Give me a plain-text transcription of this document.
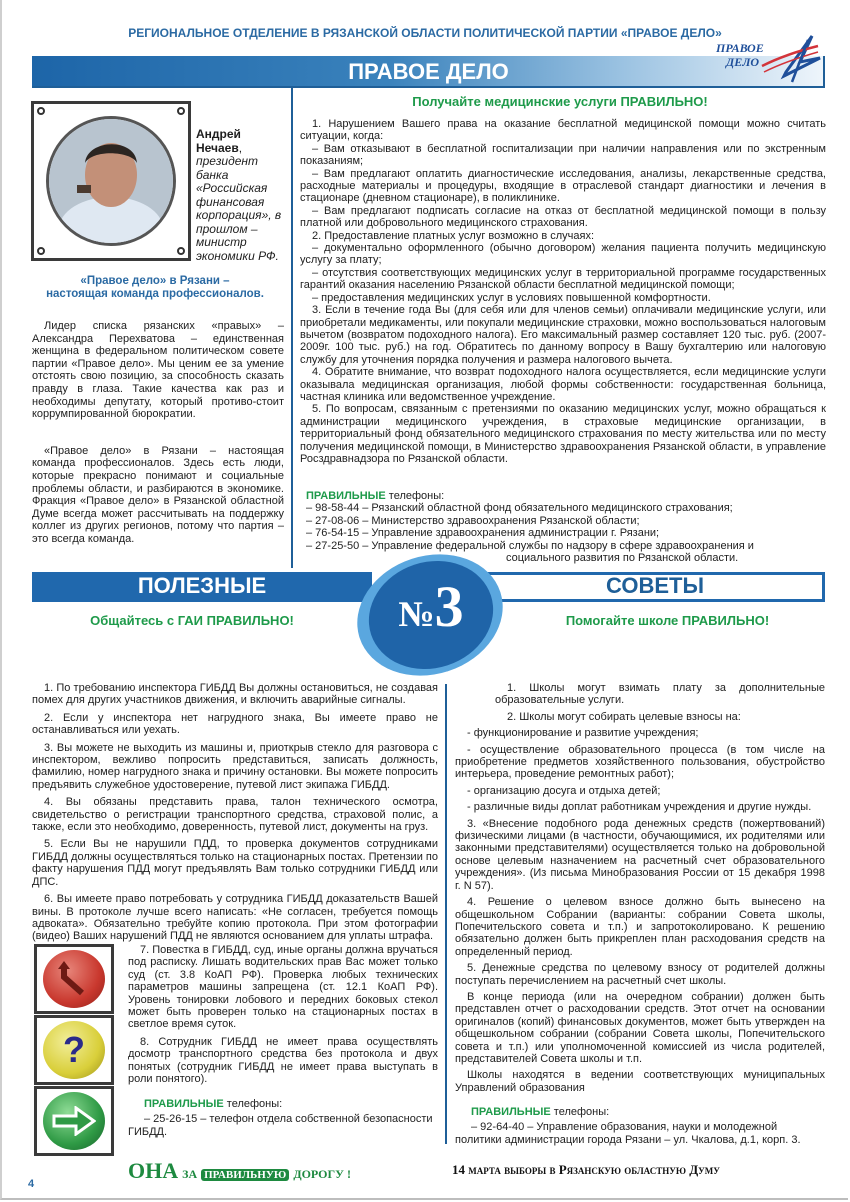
РЕГИОНАЛЬНОЕ ОТДЕЛЕНИЕ В РЯЗАНСКОЙ ОБЛАСТИ ПОЛИТИЧЕСКОЙ ПАРТИИ «ПРАВОЕ ДЕЛО»
ПРАВОЕ ДЕЛО
ПРАВОЕ
ДЕЛО
Андрей Нечаев,
президент банка «Российская финансовая корпорация», в прошлом – министр экономики РФ.
«Правое дело» в Рязани –
настоящая команда профессионалов.

Лидер списка рязанских «правых» – Александра Перехватова – единственная женщина в федеральном политическом совете партии «Правое дело». Мы ценим ее за умение отстоять свою позицию, за способность сказать правду в глаза. Такие качества как раз и необходимы депутату, который противо-стоит коррумпированной бюрократии.

«Правое дело» в Рязани – настоящая команда профессионалов. Здесь есть люди, которые прекрасно понимают и социальные проблемы области, и разбираются в экономике. Фракция «Правое дело» в Рязанской областной Думе всегда может рассчитывать на поддержку коллег из других регионов, потому что партия – это всегда команда.

Получайте медицинские услуги ПРАВИЛЬНО!

1. Нарушением Вашего права на оказание бесплатной медицинской помощи можно считать ситуации, когда:

– Вам отказывают в бесплатной госпитализации при наличии направления или по экстренным показаниям;

– Вам предлагают оплатить диагностические исследования, анализы, лекарственные средства, расходные материалы и процедуры, входящие в отраслевой стандарт диагностики и лечения в стационаре (дневном стационаре), в поликлинике.

– Вам предлагают подписать согласие на отказ от бесплатной медицинской помощи в пользу платной или добровольного медицинского страхования.

2. Предоставление платных услуг возможно в случаях:

– документально оформленного (обычно договором) желания пациента получить медицинскую услугу за плату;

– отсутствия соответствующих медицинских услуг в территориальной программе государственных гарантий оказания населению Рязанской области бесплатной медицинской помощи;

– предоставления медицинских услуг в условиях повышенной комфортности.

3. Если в течение года Вы (для себя или для членов семьи) оплачивали медицинские услуги, или приобретали медикаменты, или покупали медицинские страховки, можно воспользоваться налоговым вычетом (возвратом подоходного налога). Его максимальный размер составляет 120 тыс. руб. (2007-2009г. 100 тыс. руб.) на год. Обратитесь по данному вопросу в Вашу бухгалтерию или налоговую службу для уточнения порядка получения и размера налогового вычета.

4. Обратите внимание, что возврат подоходного налога осуществляется, если медицинские услуги оказывала медицинская организация, любой формы собственности: государственная больница, частная клиника или ведомственное учреждение.

5. По вопросам, связанным с претензиями по оказанию медицинских услуг, можно обращаться к администрации медицинского учреждения, в страховые медицинские организации, в территориальный фонд обязательного медицинского страхования по месту жительства или по месту получения медицинской помощи, в Министерство здравоохранения Рязанской области, в управление Росздравнадзора по Рязанской области.

ПРАВИЛЬНЫЕ телефоны:
– 98-58-44 – Рязанский областной фонд обязательного медицинского страхования;
– 27-08-06 – Министерство здравоохранения Рязанской области;
– 76-54-15 – Управление здравоохранения администрации г. Рязани;
– 27-25-50 – Управление федеральной службы по надзору в сфере здравоохранения и
социального развития по Рязанской области.
ПОЛЕЗНЫЕ	СОВЕТЫ
№3
Общайтесь с ГАИ ПРАВИЛЬНО!

1. По требованию инспектора ГИБДД Вы должны остановиться, не создавая помех для других участников движения, и включить аварийные сигналы.

2. Если у инспектора нет нагрудного знака, Вы имеете право не останавливаться или уехать.

3. Вы можете не выходить из машины и, приоткрыв стекло для разговора с инспектором, вежливо попросить представиться, записать должность, фамилию, номер нагрудного знака и причину остановки. Вы можете попросить предъявить служебное удостоверение, путевой лист экипажа ГИБДД.

4. Вы обязаны представить права, талон технического осмотра, свидетельство о регистрации транспортного средства, страховой полис, а также, если это необходимо, доверенность, путевой лист, документы на груз.

5. Если Вы не нарушили ПДД, то проверка документов сотрудниками ГИБДД должны осуществляться только на стационарных постах. Претензии по факту нарушения ПДД могут предъявлять Вам только сотрудники ГИБДД или ДПС.

6. Вы имеете право потребовать у сотрудника ГИБДД доказательств Вашей вины. В протоколе лучше всего написать: «Не согласен, требуется помощь адвоката». Обязательно требуйте копию протокола. При этом фотографии (видео) Ваших нарушений ПДД не являются основанием для уплаты штрафа.

7. Повестка в ГИБДД, суд, иные органы должна вручаться под расписку. Лишать водительских прав Вас может только суд (ст. 3.8 КоАП РФ). Проверка любых технических параметров машины запрещена (ст. 12.1 КоАП РФ). Уровень тонировки лобового и передних боковых стекол может быть проверен только на стационарных постах в светлое время суток.

8. Сотрудник ГИБДД не имеет права осуществлять досмотр транспортного средства без протокола и двух понятых (сотрудник ГИБДД не имеет права выступать в роли понятого).

ПРАВИЛЬНЫЕ телефоны:
– 25-26-15 – телефон отдела собственной безопасности ГИБДД.
?
Помогайте школе ПРАВИЛЬНО!

1. Школы могут взимать плату за дополнительные образовательные услуги.

2. Школы могут собирать целевые взносы на:

- функционирование и развитие учреждения;

- осуществление образовательного процесса (в том числе на приобретение предметов хозяйственного пользования, обустройство интерьера, проведение ремонтных работ);

- организацию досуга и отдыха детей;

- различные виды доплат работникам учреждения и другие нужды.

3. «Внесение подобного рода денежных средств (пожертвований) физическими лицами (в частности, обучающимися, их родителями или законными представителями) осуществляется только на добровольной основе целевым назначением на расчетный счет образовательного учреждения». (Из письма Минобразования России от 15 декабря 1998 г. N 57).

4. Решение о целевом взносе должно быть вынесено на общешкольном Собрании (варианты: собрании Совета школы, Попечительского совета и т.п.) и запротоколировано. К решению обязательно должен быть прикреплен план расходования средств на определенный период.

5. Денежные средства по целевому взносу от родителей должны поступать перечислением на расчетный счет школы.

В конце периода (или на очередном собрании) должен быть представлен отчет о расходовании средств. Этот отчет на основании оригиналов (копий) финансовых документов, может быть утвержден на общешкольном собрании (собрании Совета школы, Попечительского совета и т.п.) или уполномоченной комиссией из числа родителей, представителей Совета школы и т.п.

Школы находятся в ведении соответствующих муниципальных Управлений образования

ПРАВИЛЬНЫЕ телефоны:
– 92-64-40 – Управление образования, науки и молодежной политики администрации города Рязани – ул. Чкалова, д.1, корп. 3.
ОНА ЗА ПРАВИЛЬНУЮ ДОРОГУ !	14 марта выборы в Рязанскую областную Думу
4
